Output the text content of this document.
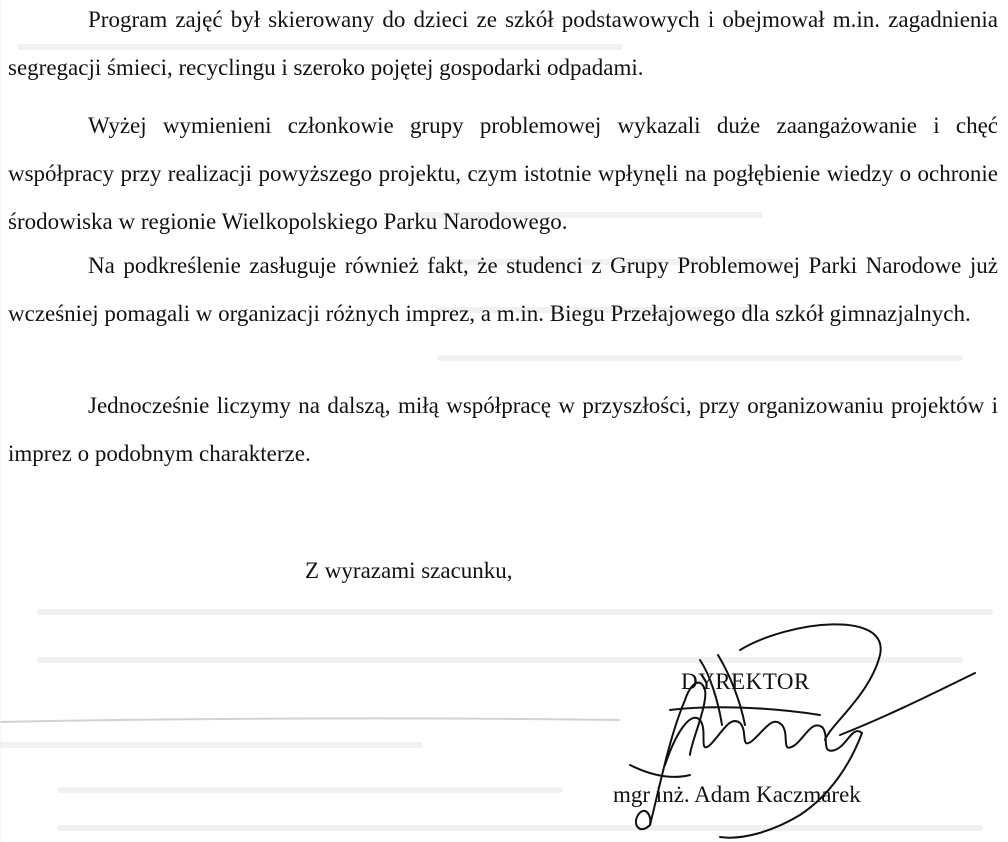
Program zajęć był skierowany do dzieci ze szkół podstawowych i obejmował m.in. zagadnienia segregacji śmieci, recyclingu i szeroko pojętej gospodarki odpadami.

Wyżej wymienieni członkowie grupy problemowej wykazali duże zaangażowanie i chęć współpracy przy realizacji powyższego projektu, czym istotnie wpłynęli na pogłębienie wiedzy o ochronie środowiska w regionie Wielkopolskiego Parku Narodowego.

Na podkreślenie zasługuje również fakt, że studenci z Grupy Problemowej Parki Narodowe już wcześniej pomagali w organizacji różnych imprez, a m.in. Biegu Przełajowego dla szkół gimnazjalnych.

Jednocześnie liczymy na dalszą, miłą współpracę w przyszłości, przy organizowaniu projektów i imprez o podobnym charakterze.

Z wyrazami szacunku,
DYREKTOR
mgr inż. Adam Kaczmarek
